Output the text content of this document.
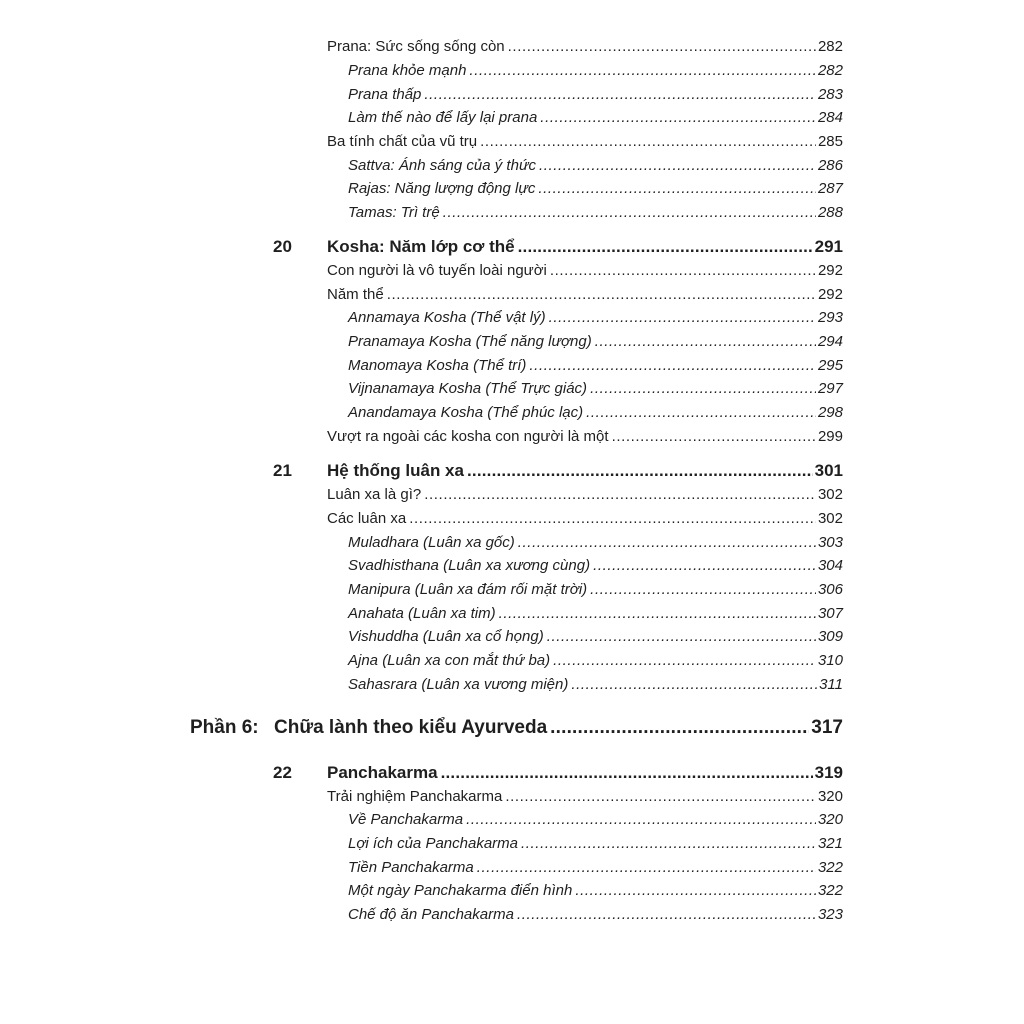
Prana: Sức sống sống còn .....	282
Prana khỏe mạnh .....	282
Prana thấp .....	283
Làm thế nào để lấy lại prana .....	284
Ba tính chất của vũ trụ .....	285
Sattva: Ánh sáng của ý thức .....	286
Rajas: Năng lượng động lực .....	287
Tamas: Trì trệ .....	288
20 Kosha: Năm lớp cơ thể .....	291
Con người là vô tuyến loài người .....	292
Năm thể .....	292
Annamaya Kosha (Thể vật lý) .....	293
Pranamaya Kosha (Thể năng lượng) .....	294
Manomaya Kosha (Thể trí) .....	295
Vijnanamaya Kosha (Thể Trực giác) .....	297
Anandamaya Kosha (Thể phúc lạc) .....	298
Vượt ra ngoài các kosha con người là một .....	299
21 Hệ thống luân xa .....	301
Luân xa là gì? .....	302
Các luân xa .....	302
Muladhara (Luân xa gốc) .....	303
Svadhisthana (Luân xa xương cùng) .....	304
Manipura (Luân xa đám rối mặt trời) .....	306
Anahata (Luân xa tim) .....	307
Vishuddha (Luân xa cổ họng) .....	309
Ajna (Luân xa con mắt thứ ba) .....	310
Sahasrara (Luân xa vương miện) .....	311
Phần 6: Chữa lành theo kiểu Ayurveda .....	317
22 Panchakarma .....	319
Trải nghiệm Panchakarma .....	320
Về Panchakarma .....	320
Lợi ích của Panchakarma .....	321
Tiền Panchakarma .....	322
Một ngày Panchakarma điển hình .....	322
Chế độ ăn Panchakarma .....	323
